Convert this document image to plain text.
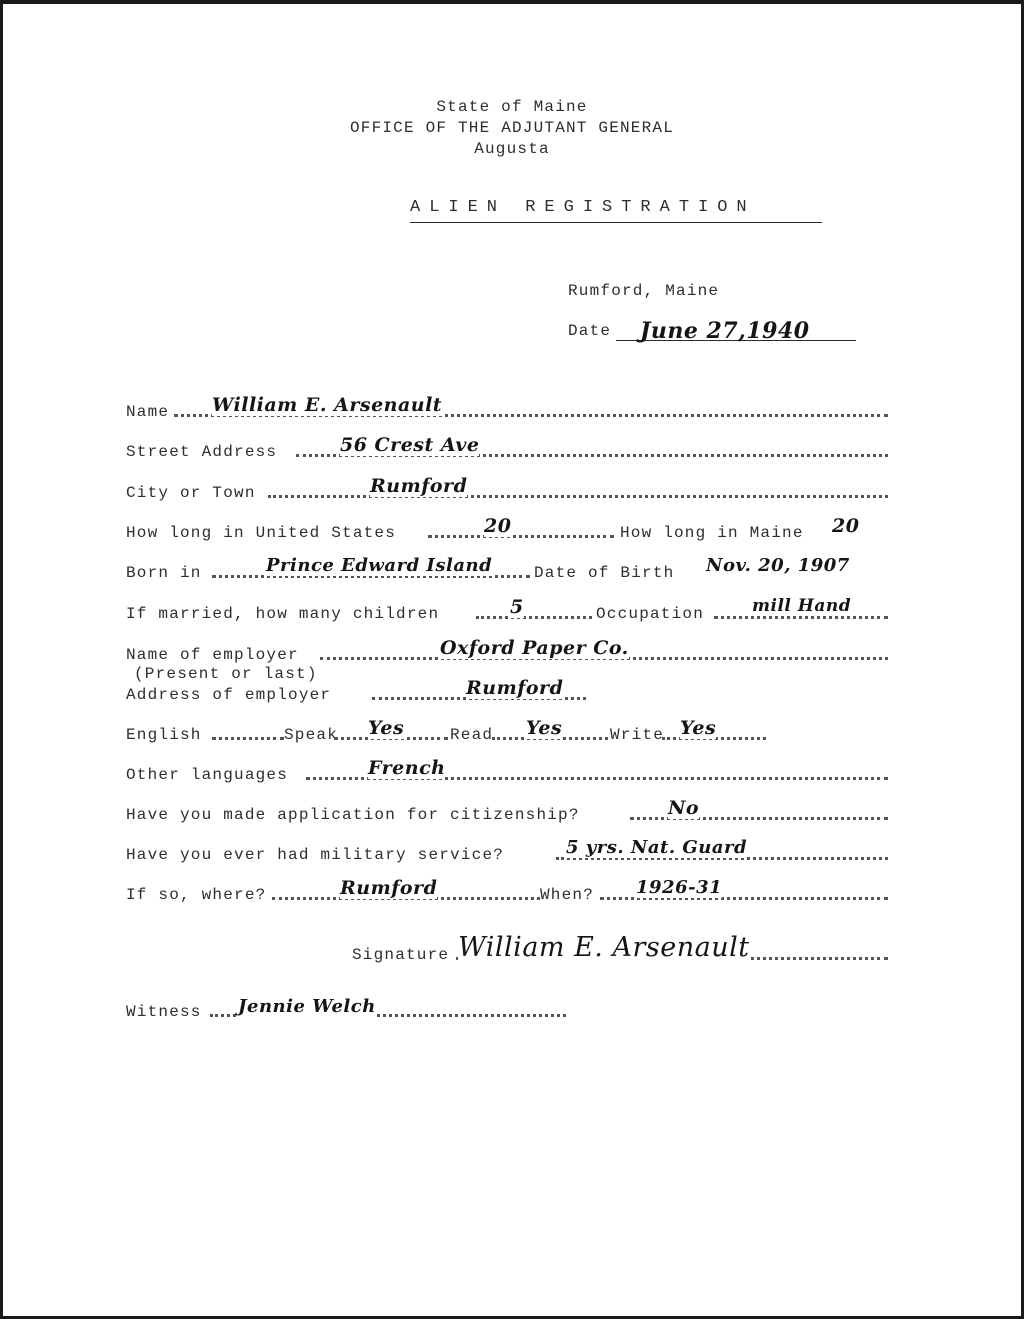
State of Maine
OFFICE OF THE ADJUTANT GENERAL
Augusta
ALIEN REGISTRATION
Rumford, Maine
Date June 27,1940
Name William E. Arsenault
Street Address	56 Crest Ave
City or Town	Rumford
How long in United States	20	How long in Maine 20
Born in	Prince Edward Island	Date of Birth Nov. 20, 1907
If married, how many children	5	Occupation	mill Hand
Name of employer	Oxford Paper Co.
(Present or last)
Address of employer	Rumford
English	Speak Yes	Read Yes	Write Yes
Other languages	French
Have you made application for citizenship?	No
Have you ever had military service?	5 yrs. Nat. Guard
If so, where?	Rumford	When? 1926-31
Signature William E. Arsenault
Witness Jennie Welch
